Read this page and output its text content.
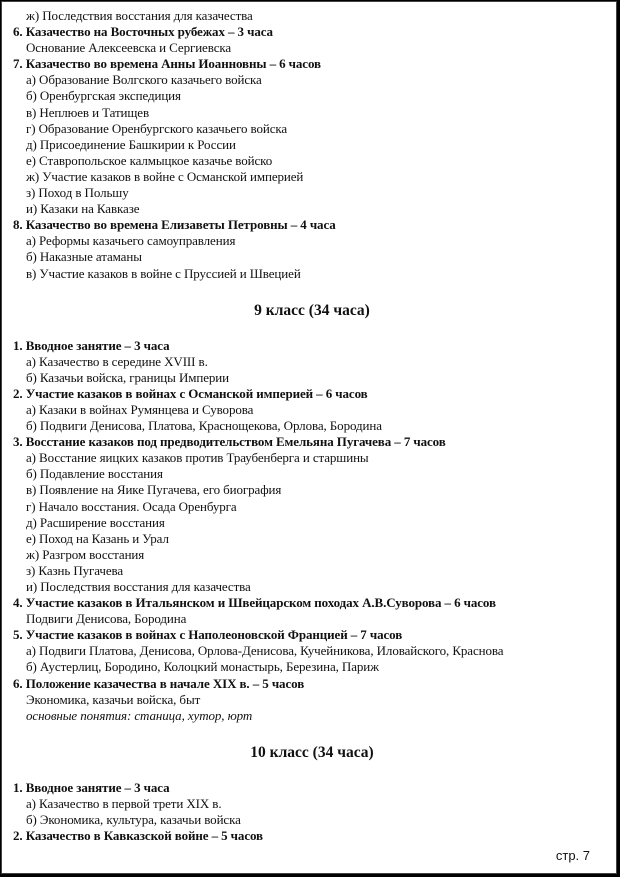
ж) Последствия восстания для казачества
6. Казачество на Восточных рубежах – 3 часа
Основание Алексеевска и Сергиевска
7. Казачество во времена Анны Иоанновны – 6 часов
а) Образование Волгского казачьего войска
б) Оренбургская экспедиция
в) Неплюев и Татищев
г) Образование Оренбургского казачьего войска
д) Присоединение Башкирии к России
е) Ставропольское калмыцкое казачье войско
ж) Участие казаков в войне с Османской империей
з) Поход в Польшу
и) Казаки на Кавказе
8. Казачество во времена Елизаветы Петровны – 4 часа
а) Реформы казачьего самоуправления
б) Наказные атаманы
в) Участие казаков в войне с Пруссией и Швецией
9 класс (34 часа)
1. Вводное занятие – 3 часа
а) Казачество в середине XVIII в.
б) Казачьи войска, границы Империи
2. Участие казаков в войнах с Османской империей – 6 часов
а) Казаки в войнах Румянцева и Суворова
б) Подвиги Денисова, Платова, Краснощекова, Орлова, Бородина
3. Восстание казаков под предводительством Емельяна Пугачева – 7 часов
а) Восстание яицких казаков против Траубенберга и старшины
б) Подавление восстания
в) Появление на Яике Пугачева, его биография
г) Начало восстания. Осада Оренбурга
д) Расширение восстания
е) Поход на Казань и Урал
ж) Разгром восстания
з) Казнь Пугачева
и) Последствия восстания для казачества
4. Участие казаков в Итальянском и Швейцарском походах А.В.Суворова – 6 часов
Подвиги Денисова, Бородина
5. Участие казаков в войнах с Наполеоновской Францией – 7 часов
а) Подвиги Платова, Денисова, Орлова-Денисова, Кучейникова, Иловайского, Краснова
б) Аустерлиц, Бородино, Колоцкий монастырь, Березина, Париж
6. Положение казачества в начале XIX в. – 5 часов
Экономика, казачьи войска, быт
основные понятия: станица, хутор, юрт
10 класс (34 часа)
1. Вводное занятие – 3 часа
а) Казачество в первой трети XIX в.
б) Экономика, культура, казачьи войска
2. Казачество в Кавказской войне – 5 часов
стр. 7
